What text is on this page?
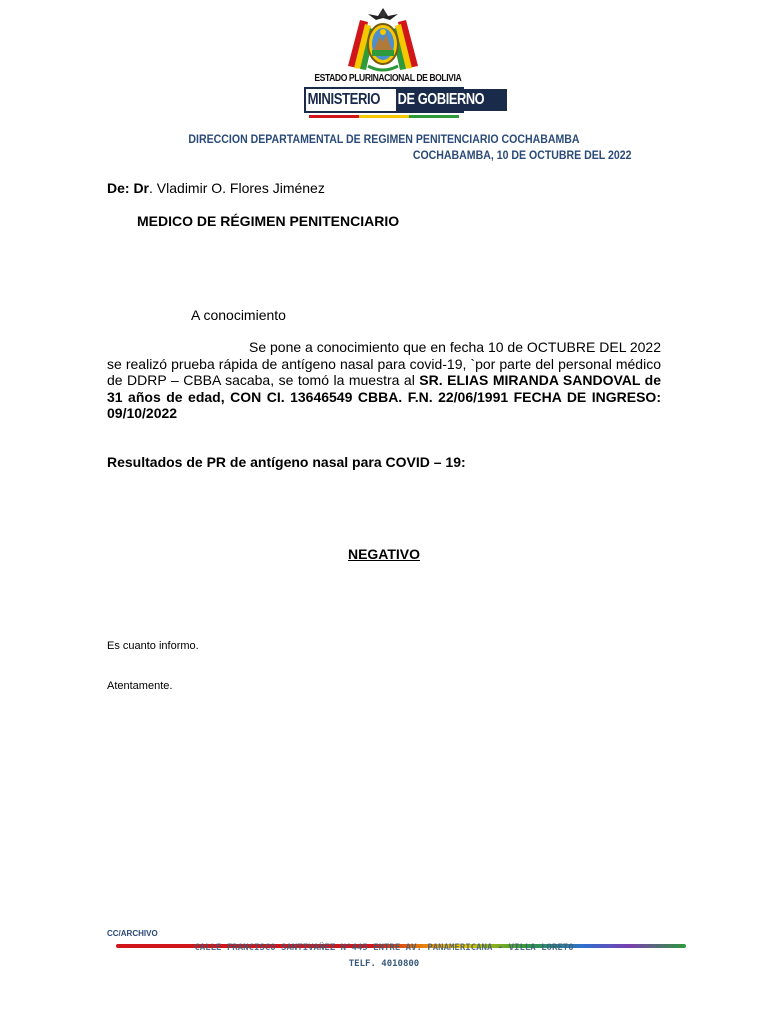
ESTADO PLURINACIONAL DE BOLIVIA
MINISTERIO DE GOBIERNO
DIRECCION DEPARTAMENTAL DE REGIMEN PENITENCIARIO COCHABAMBA
COCHABAMBA, 10 DE OCTUBRE DEL 2022
De: Dr. Vladimir O. Flores Jiménez
MEDICO DE RÉGIMEN PENITENCIARIO
A conocimiento
Se pone a conocimiento que en fecha 10 de OCTUBRE DEL 2022 se realizó prueba rápida de antígeno nasal para covid-19, `por parte del personal médico de DDRP – CBBA sacaba, se tomó la muestra al SR. ELIAS MIRANDA SANDOVAL de 31 años de edad, CON CI. 13646549 CBBA. F.N. 22/06/1991 FECHA DE INGRESO: 09/10/2022
Resultados de PR de antígeno nasal para COVID – 19:
NEGATIVO
Es cuanto informo.
Atentamente.
CC/ARCHIVO
CALLE FRANCISCO SANTIVAÑEZ N°445 ENTRE AV. PANAMERICANA - VILLA LORETO
TELF. 4010800
